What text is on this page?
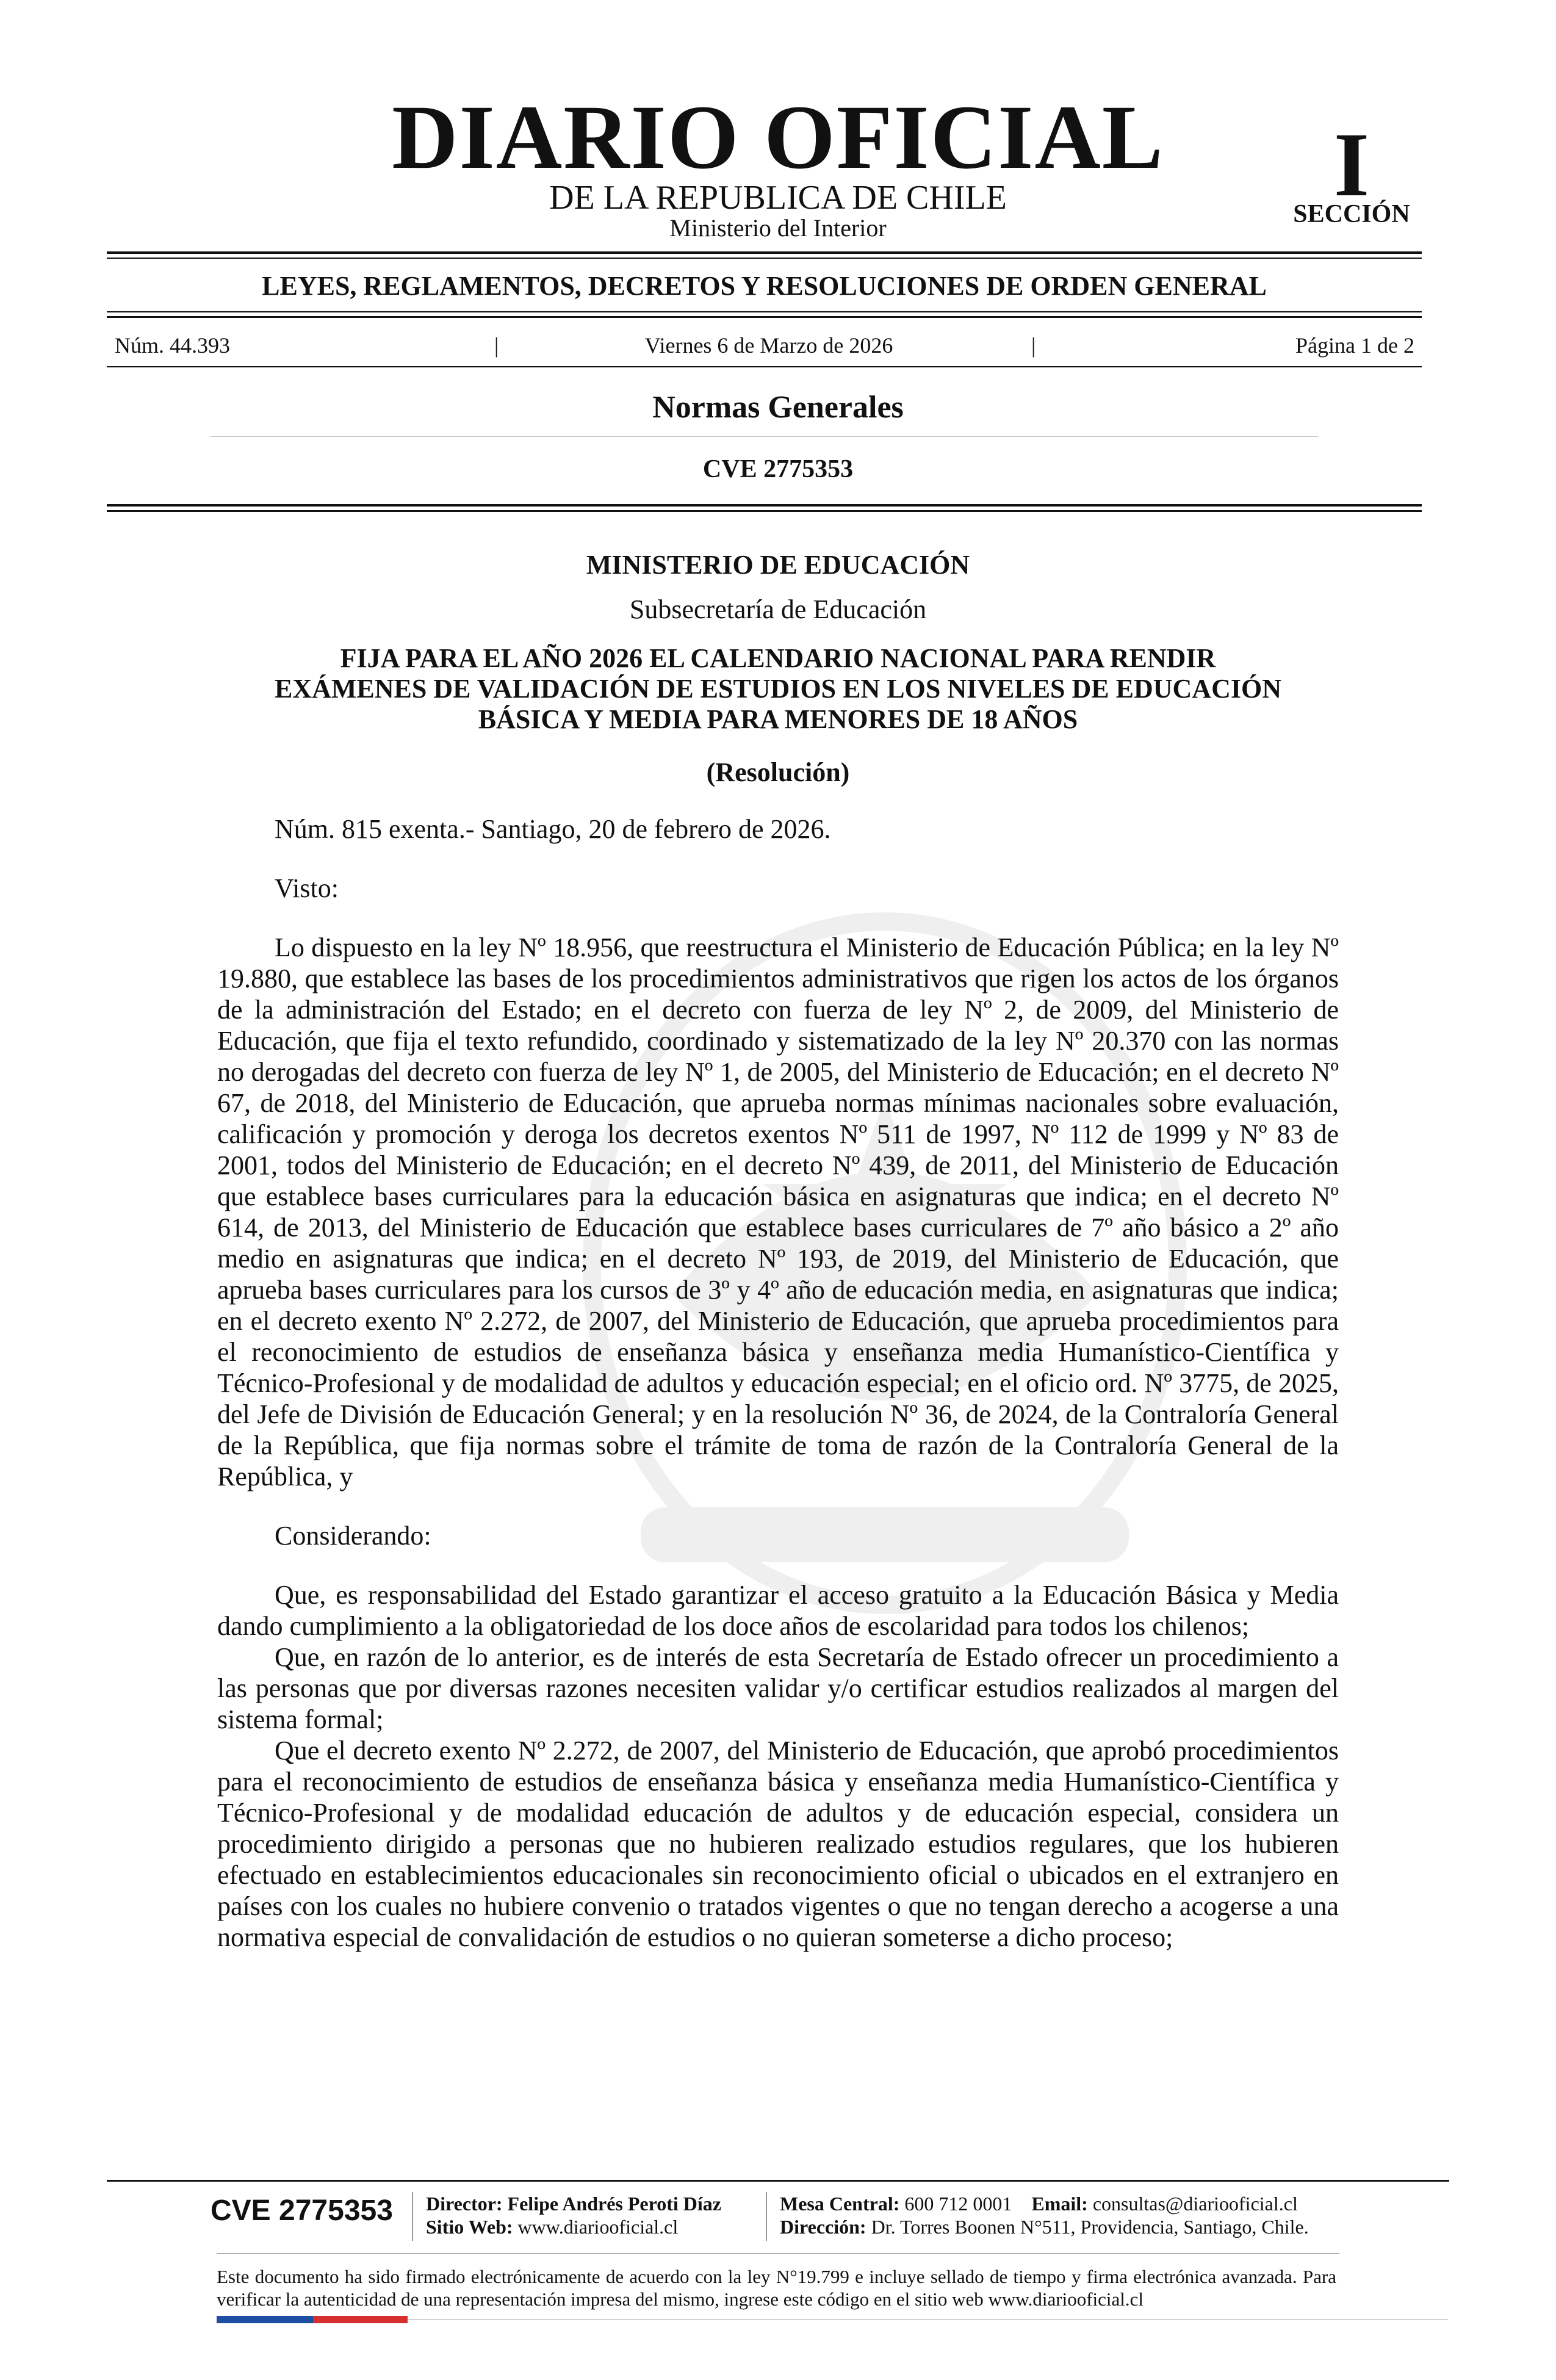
DIARIO OFICIAL
DE LA REPUBLICA DE CHILE
Ministerio del Interior
I
SECCIÓN
LEYES, REGLAMENTOS, DECRETOS Y RESOLUCIONES DE ORDEN GENERAL
Núm. 44.393	|	Viernes 6 de Marzo de 2026	|	Página 1 de 2
Normas Generales
CVE 2775353
MINISTERIO DE EDUCACIÓN
Subsecretaría de Educación
FIJA PARA EL AÑO 2026 EL CALENDARIO NACIONAL PARA RENDIR
EXÁMENES DE VALIDACIÓN DE ESTUDIOS EN LOS NIVELES DE EDUCACIÓN
BÁSICA Y MEDIA PARA MENORES DE 18 AÑOS
(Resolución)

Núm. 815 exenta.- Santiago, 20 de febrero de 2026.

Visto:

Lo dispuesto en la ley Nº 18.956, que reestructura el Ministerio de Educación Pública; en la ley Nº 19.880, que establece las bases de los procedimientos administrativos que rigen los actos de los órganos de la administración del Estado; en el decreto con fuerza de ley Nº 2, de 2009, del Ministerio de Educación, que fija el texto refundido, coordinado y sistematizado de la ley Nº 20.370 con las normas no derogadas del decreto con fuerza de ley Nº 1, de 2005, del Ministerio de Educación; en el decreto Nº 67, de 2018, del Ministerio de Educación, que aprueba normas mínimas nacionales sobre evaluación, calificación y promoción y deroga los decretos exentos Nº 511 de 1997, Nº 112 de 1999 y Nº 83 de 2001, todos del Ministerio de Educación; en el decreto Nº 439, de 2011, del Ministerio de Educación que establece bases curriculares para la educación básica en asignaturas que indica; en el decreto Nº 614, de 2013, del Ministerio de Educación que establece bases curriculares de 7º año básico a 2º año medio en asignaturas que indica; en el decreto Nº 193, de 2019, del Ministerio de Educación, que aprueba bases curriculares para los cursos de 3º y 4º año de educación media, en asignaturas que indica; en el decreto exento Nº 2.272, de 2007, del Ministerio de Educación, que aprueba procedimientos para el reconocimiento de estudios de enseñanza básica y enseñanza media Humanístico-Científica y Técnico-Profesional y de modalidad de adultos y educación especial; en el oficio ord. Nº 3775, de 2025, del Jefe de División de Educación General; y en la resolución Nº 36, de 2024, de la Contraloría General de la República, que fija normas sobre el trámite de toma de razón de la Contraloría General de la República, y

Considerando:

Que, es responsabilidad del Estado garantizar el acceso gratuito a la Educación Básica y Media dando cumplimiento a la obligatoriedad de los doce años de escolaridad para todos los chilenos;

Que, en razón de lo anterior, es de interés de esta Secretaría de Estado ofrecer un procedimiento a las personas que por diversas razones necesiten validar y/o certificar estudios realizados al margen del sistema formal;

Que el decreto exento Nº 2.272, de 2007, del Ministerio de Educación, que aprobó procedimientos para el reconocimiento de estudios de enseñanza básica y enseñanza media Humanístico-Científica y Técnico-Profesional y de modalidad educación de adultos y de educación especial, considera un procedimiento dirigido a personas que no hubieren realizado estudios regulares, que los hubieren efectuado en establecimientos educacionales sin reconocimiento oficial o ubicados en el extranjero en países con los cuales no hubiere convenio o tratados vigentes o que no tengan derecho a acogerse a una normativa especial de convalidación de estudios o no quieran someterse a dicho proceso;

CVE 2775353 Director: Felipe Andrés Peroti Díaz
Sitio Web: www.diariooficial.cl
Mesa Central: 600 712 0001 Email: consultas@diariooficial.cl
Dirección: Dr. Torres Boonen N°511, Providencia, Santiago, Chile.
Este documento ha sido firmado electrónicamente de acuerdo con la ley N°19.799 e incluye sellado de tiempo y firma electrónica avanzada. Para verificar la autenticidad de una representación impresa del mismo, ingrese este código en el sitio web www.diariooficial.cl
